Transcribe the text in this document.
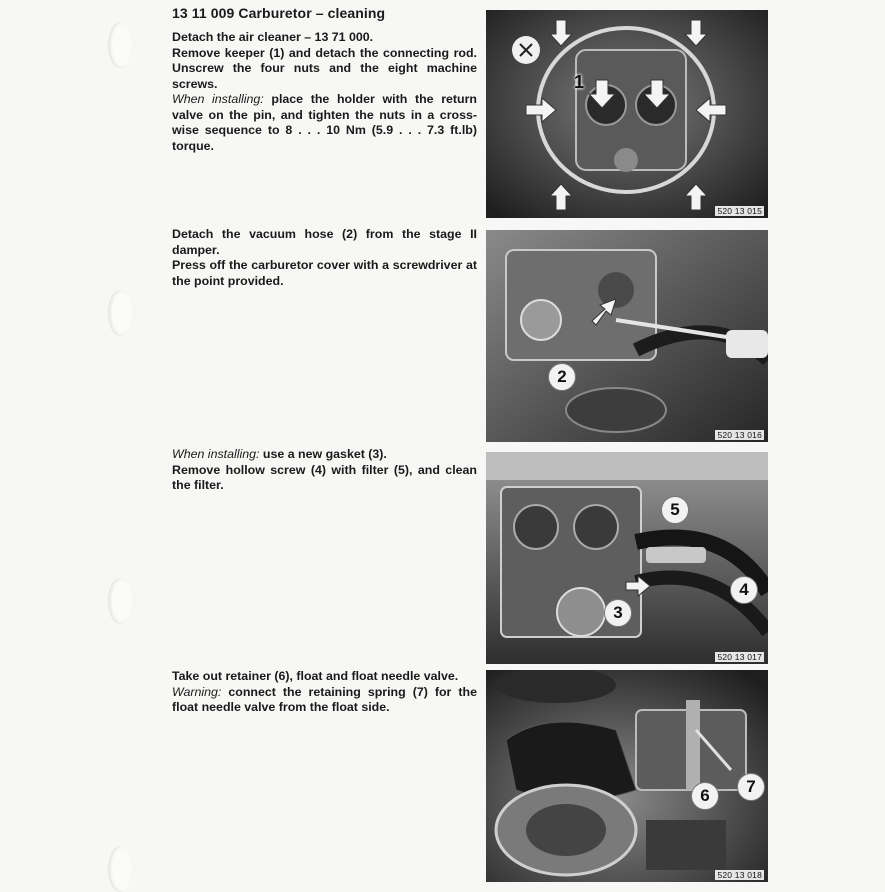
13 11 009 Carburetor – cleaning

Detach the air cleaner – 13 71 000.

Remove keeper (1) and detach the connecting rod. Unscrew the four nuts and the eight machine screws.

When installing: place the holder with the return valve on the pin, and tighten the nuts in a cross-wise sequence to 8 . . . 10 Nm (5.9 . . . 7.3 ft.lb) torque.

1
520 13 015

Detach the vacuum hose (2) from the stage II damper.

Press off the carburetor cover with a screwdriver at the point provided.

2
520 13 016

When installing: use a new gasket (3).

Remove hollow screw (4) with filter (5), and clean the filter.

5
4
3
520 13 017

Take out retainer (6), float and float needle valve.

Warning: connect the retaining spring (7) for the float needle valve from the float side.

6	7
520 13 018
